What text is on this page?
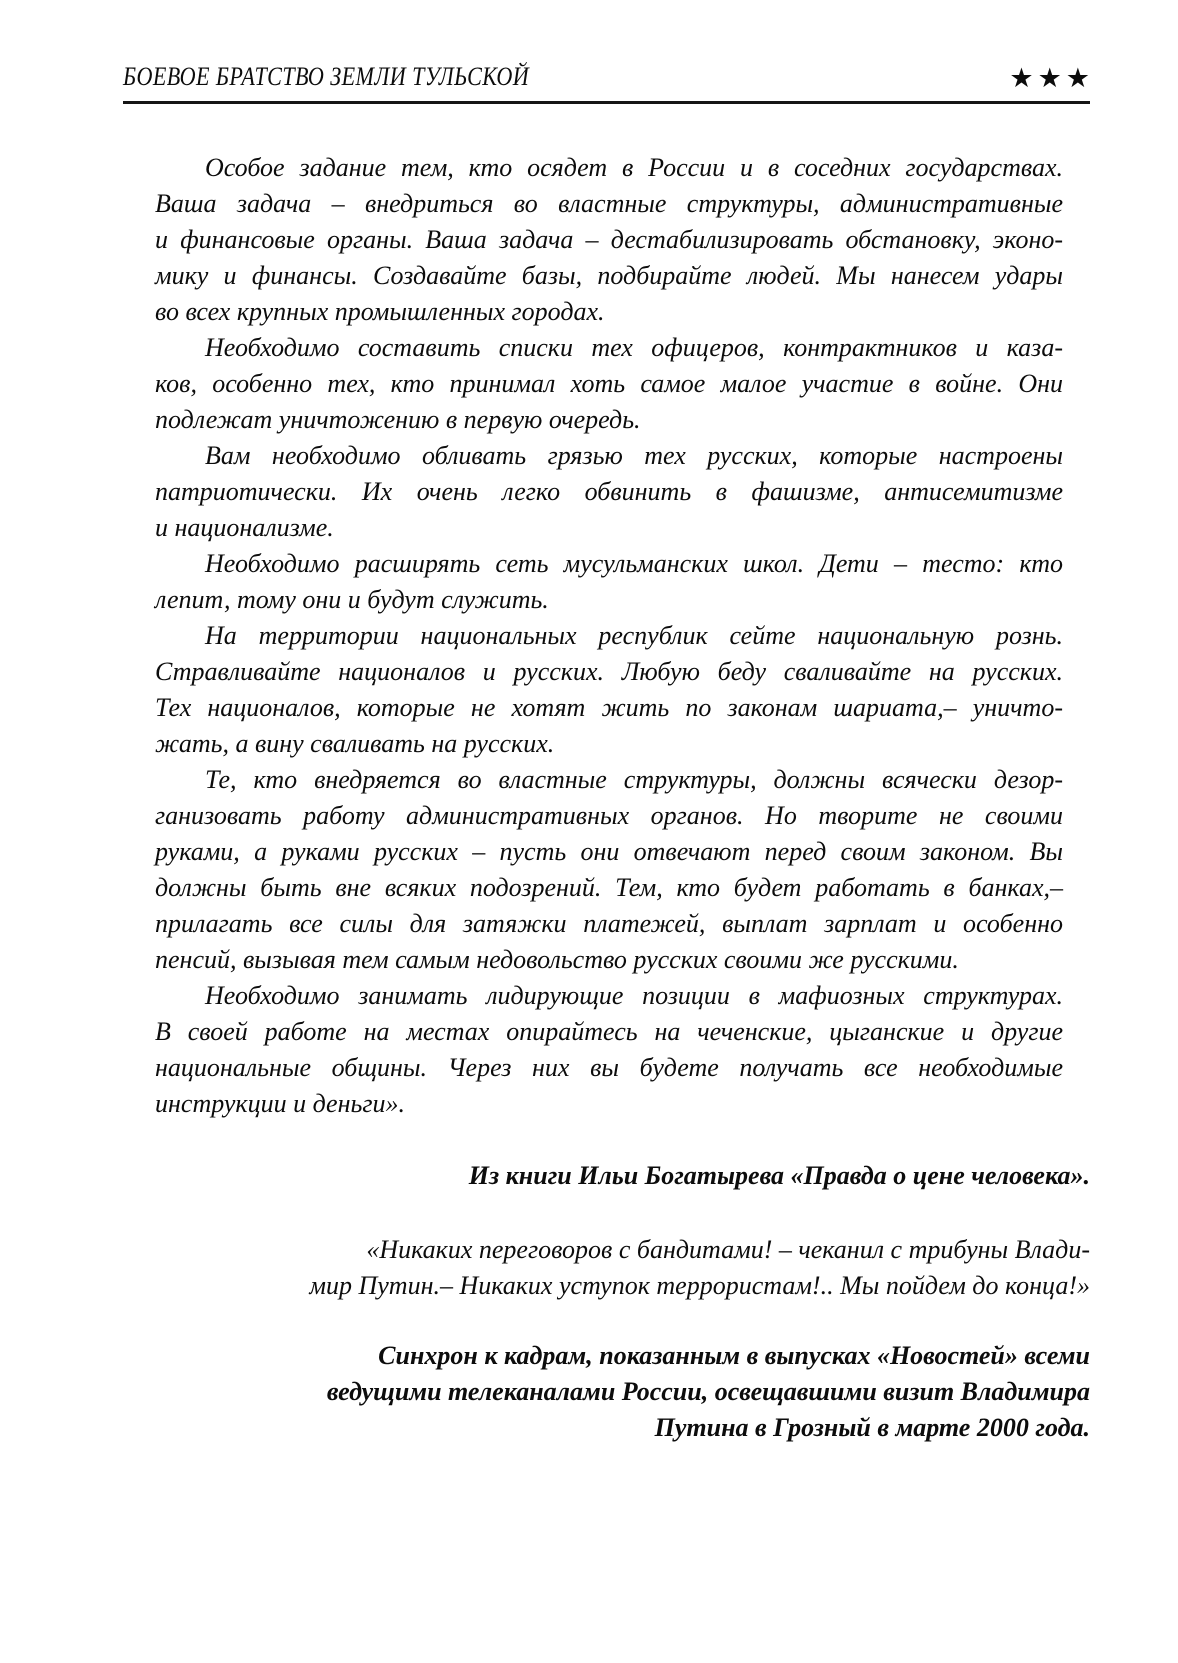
БОЕВОЕ БРАТСТВО ЗЕМЛИ ТУЛЬСКОЙ	★★★
Особое задание тем, кто осядет в России и в соседних государствах.
Ваша задача – внедриться во властные структуры, административные
и финансовые органы. Ваша задача – дестабилизировать обстановку, эконо-
мику и финансы. Создавайте базы, подбирайте людей. Мы нанесем удары
во всех крупных промышленных городах.
Необходимо составить списки тех офицеров, контрактников и каза-
ков, особенно тех, кто принимал хоть самое малое участие в войне. Они
подлежат уничтожению в первую очередь.
Вам необходимо обливать грязью тех русских, которые настроены
патриотически. Их очень легко обвинить в фашизме, антисемитизме
и национализме.
Необходимо расширять сеть мусульманских школ. Дети – тесто: кто
лепит, тому они и будут служить.
На территории национальных республик сейте национальную рознь.
Стравливайте националов и русских. Любую беду сваливайте на русских.
Тех националов, которые не хотят жить по законам шариата,– уничто-
жать, а вину сваливать на русских.
Те, кто внедряется во властные структуры, должны всячески дезор-
ганизовать работу административных органов. Но творите не своими
руками, а руками русских – пусть они отвечают перед своим законом. Вы
должны быть вне всяких подозрений. Тем, кто будет работать в банках,–
прилагать все силы для затяжки платежей, выплат зарплат и особенно
пенсий, вызывая тем самым недовольство русских своими же русскими.
Необходимо занимать лидирующие позиции в мафиозных структурах.
В своей работе на местах опирайтесь на чеченские, цыганские и другие
национальные общины. Через них вы будете получать все необходимые
инструкции и деньги».

Из книги Ильи Богатырева «Правда о цене человека».

«Никаких переговоров с бандитами! – чеканил с трибуны Влади-
мир Путин.– Никаких уступок террористам!.. Мы пойдем до конца!»
Синхрон к кадрам, показанным в выпусках «Новостей» всеми
ведущими телеканалами России, освещавшими визит Владимира
Путина в Грозный в марте 2000 года.
